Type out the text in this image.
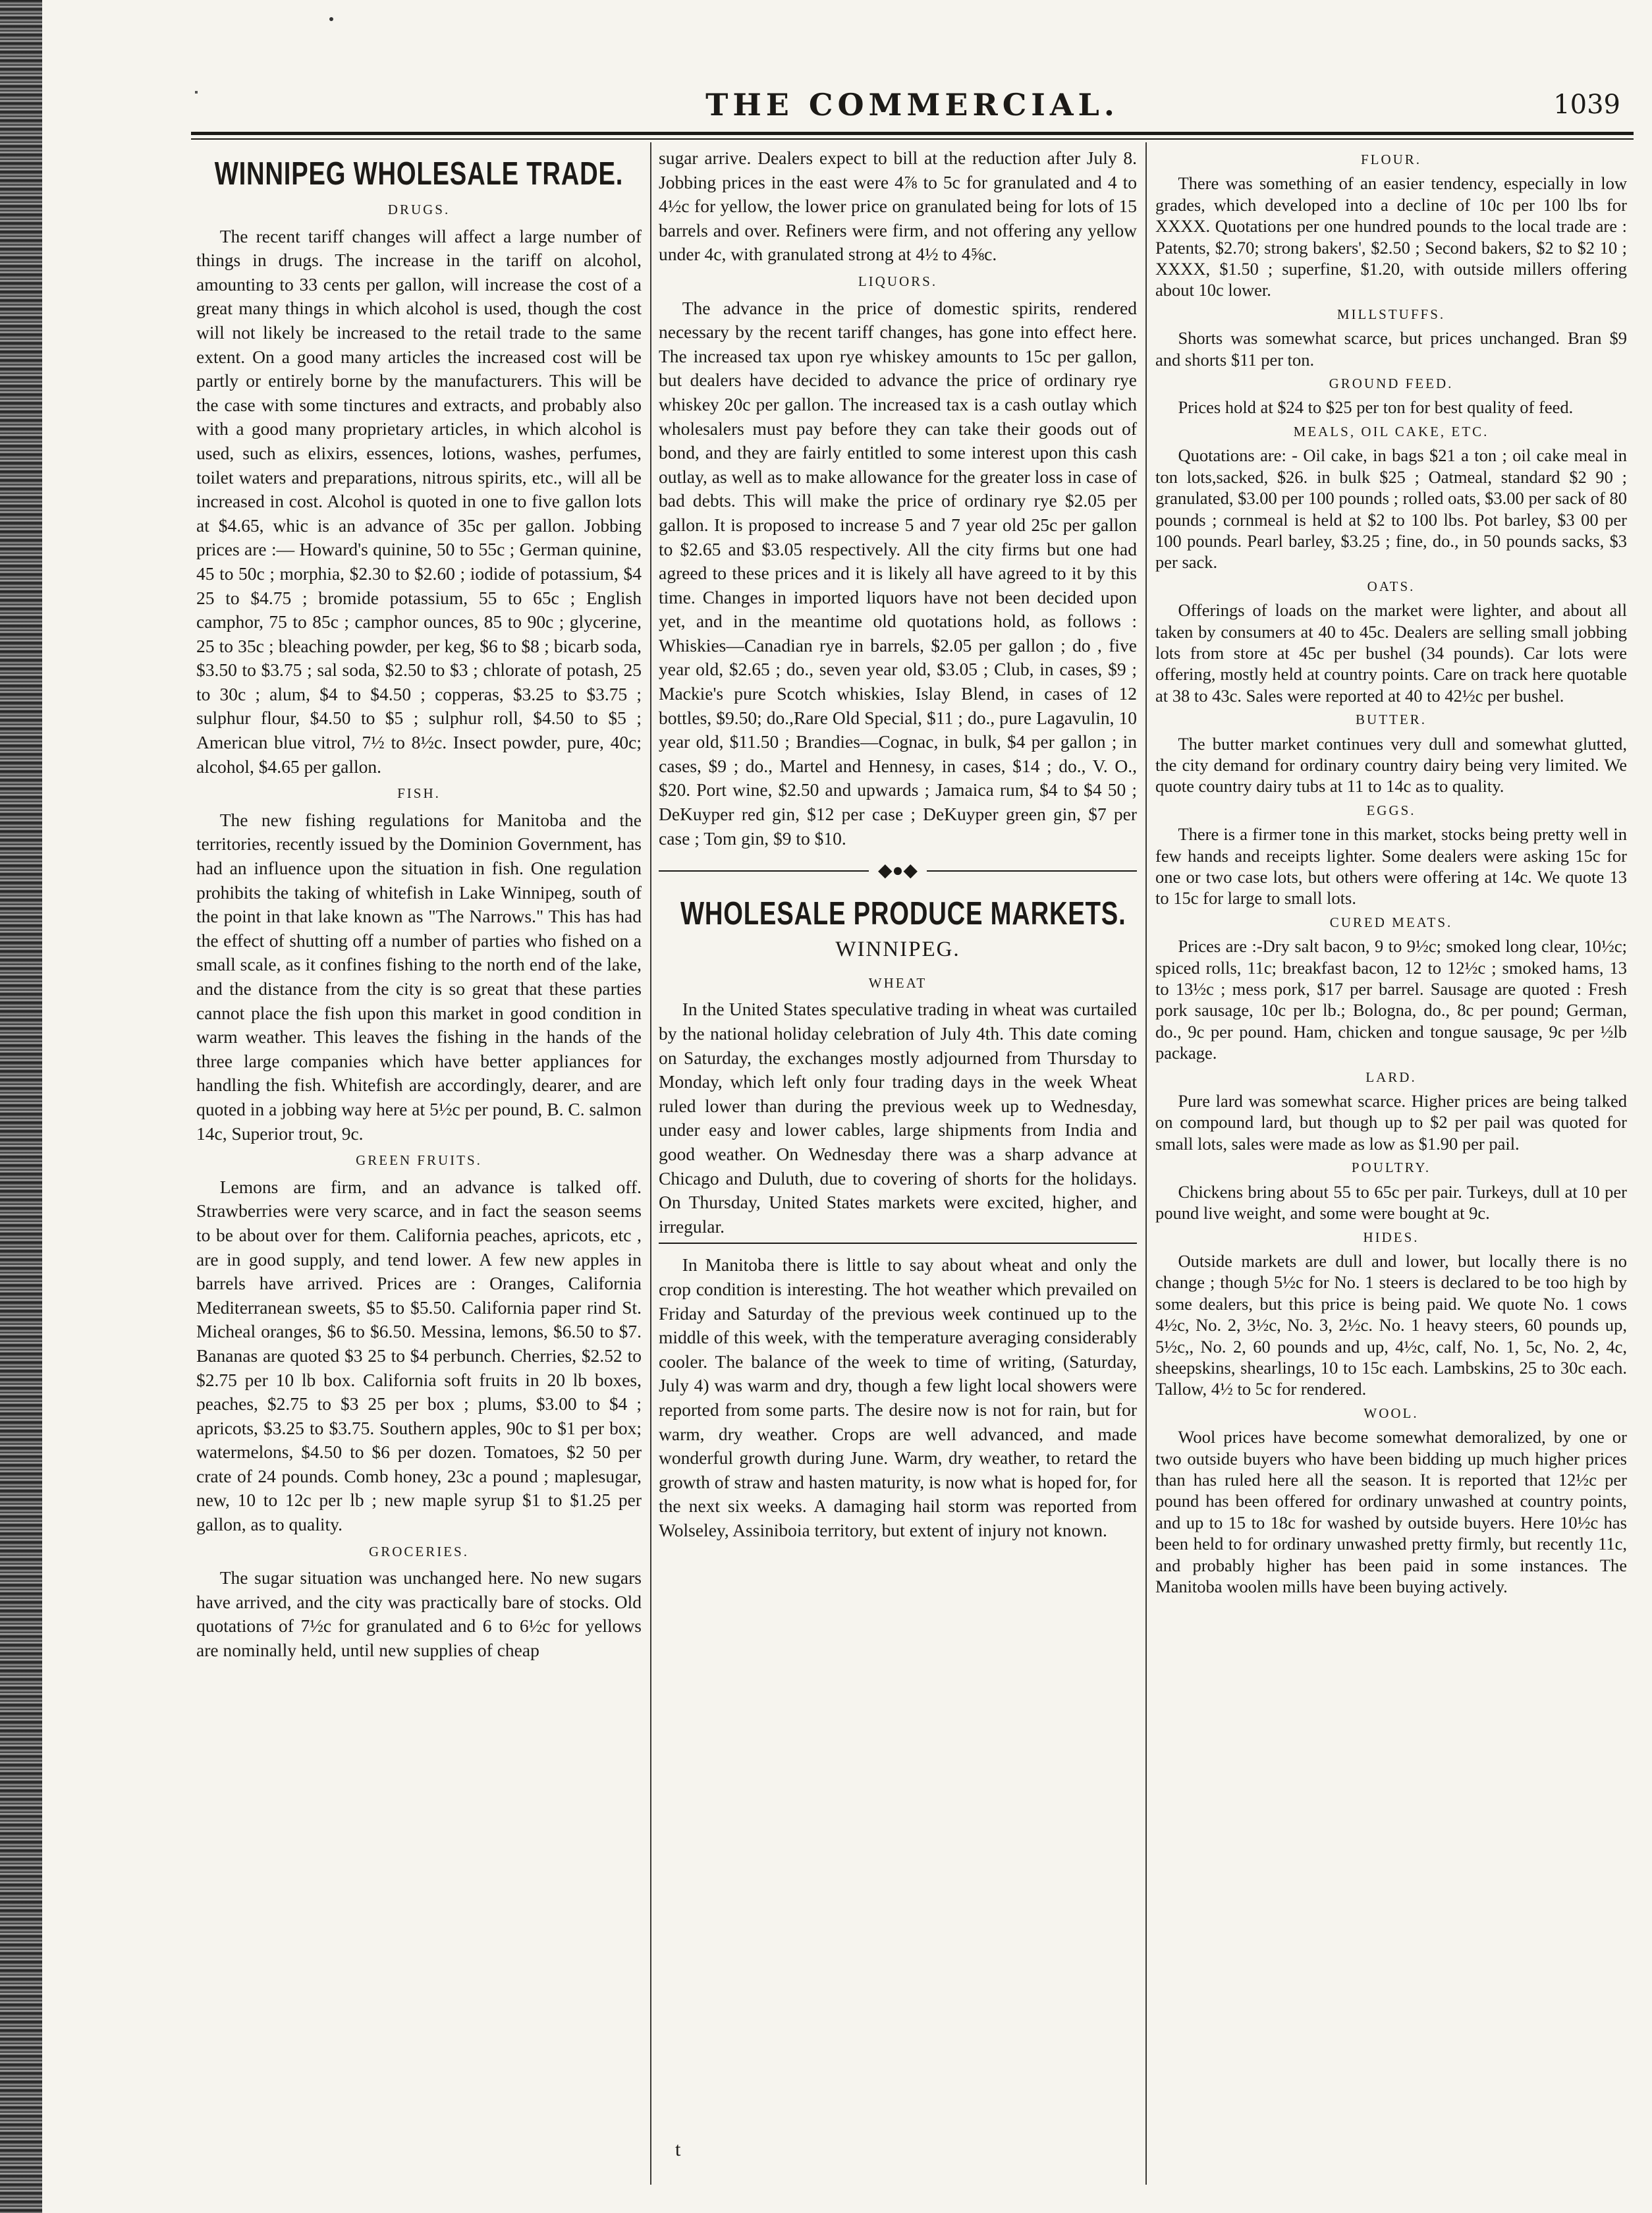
THE COMMERCIAL.	1039
WINNIPEG WHOLESALE TRADE.
DRUGS.

The recent tariff changes will affect a large number of things in drugs. The increase in the tariff on alcohol, amounting to 33 cents per gallon, will increase the cost of a great many things in which alcohol is used, though the cost will not likely be increased to the retail trade to the same extent. On a good many articles the increased cost will be partly or entirely borne by the manufacturers. This will be the case with some tinctures and extracts, and probably also with a good many proprietary articles, in which alcohol is used, such as elixirs, essences, lotions, washes, perfumes, toilet waters and preparations, nitrous spirits, etc., will all be increased in cost. Alcohol is quoted in one to five gallon lots at $4.65, whic is an advance of 35c per gallon. Jobbing prices are :— Howard's quinine, 50 to 55c ; German quinine, 45 to 50c ; morphia, $2.30 to $2.60 ; iodide of potassium, $4 25 to $4.75 ; bromide potassium, 55 to 65c ; English camphor, 75 to 85c ; camphor ounces, 85 to 90c ; glycerine, 25 to 35c ; bleaching powder, per keg, $6 to $8 ; bicarb soda, $3.50 to $3.75 ; sal soda, $2.50 to $3 ; chlorate of potash, 25 to 30c ; alum, $4 to $4.50 ; copperas, $3.25 to $3.75 ; sulphur flour, $4.50 to $5 ; sulphur roll, $4.50 to $5 ; American blue vitrol, 7½ to 8½c. Insect powder, pure, 40c; alcohol, $4.65 per gallon.

FISH.

The new fishing regulations for Manitoba and the territories, recently issued by the Dominion Government, has had an influence upon the situation in fish. One regulation prohibits the taking of whitefish in Lake Winnipeg, south of the point in that lake known as "The Narrows." This has had the effect of shutting off a number of parties who fished on a small scale, as it confines fishing to the north end of the lake, and the distance from the city is so great that these parties cannot place the fish upon this market in good condition in warm weather. This leaves the fishing in the hands of the three large companies which have better appliances for handling the fish. Whitefish are accordingly, dearer, and are quoted in a jobbing way here at 5½c per pound, B. C. salmon 14c, Superior trout, 9c.

GREEN FRUITS.

Lemons are firm, and an advance is talked off. Strawberries were very scarce, and in fact the season seems to be about over for them. California peaches, apricots, etc , are in good supply, and tend lower. A few new apples in barrels have arrived. Prices are : Oranges, California Mediterranean sweets, $5 to $5.50. California paper rind St. Micheal oranges, $6 to $6.50. Messina, lemons, $6.50 to $7. Bananas are quoted $3 25 to $4 perbunch. Cherries, $2.52 to $2.75 per 10 lb box. California soft fruits in 20 lb boxes, peaches, $2.75 to $3 25 per box ; plums, $3.00 to $4 ; apricots, $3.25 to $3.75. Southern apples, 90c to $1 per box; watermelons, $4.50 to $6 per dozen. Tomatoes, $2 50 per crate of 24 pounds. Comb honey, 23c a pound ; maplesugar, new, 10 to 12c per lb ; new maple syrup $1 to $1.25 per gallon, as to quality.

GROCERIES.

The sugar situation was unchanged here. No new sugars have arrived, and the city was practically bare of stocks. Old quotations of 7½c for granulated and 6 to 6½c for yellows are nominally held, until new supplies of cheap

sugar arrive. Dealers expect to bill at the reduction after July 8. Jobbing prices in the east were 4⅞ to 5c for granulated and 4 to 4½c for yellow, the lower price on granulated being for lots of 15 barrels and over. Refiners were firm, and not offering any yellow under 4c, with granulated strong at 4½ to 4⅝c.

LIQUORS.

The advance in the price of domestic spirits, rendered necessary by the recent tariff changes, has gone into effect here. The increased tax upon rye whiskey amounts to 15c per gallon, but dealers have decided to advance the price of ordinary rye whiskey 20c per gallon. The increased tax is a cash outlay which wholesalers must pay before they can take their goods out of bond, and they are fairly entitled to some interest upon this cash outlay, as well as to make allowance for the greater loss in case of bad debts. This will make the price of ordinary rye $2.05 per gallon. It is proposed to increase 5 and 7 year old 25c per gallon to $2.65 and $3.05 respectively. All the city firms but one had agreed to these prices and it is likely all have agreed to it by this time. Changes in imported liquors have not been decided upon yet, and in the meantime old quotations hold, as follows : Whiskies—Canadian rye in barrels, $2.05 per gallon ; do , five year old, $2.65 ; do., seven year old, $3.05 ; Club, in cases, $9 ; Mackie's pure Scotch whiskies, Islay Blend, in cases of 12 bottles, $9.50; do.,Rare Old Special, $11 ; do., pure Lagavulin, 10 year old, $11.50 ; Brandies—Cognac, in bulk, $4 per gallon ; in cases, $9 ; do., Martel and Hennesy, in cases, $14 ; do., V. O., $20. Port wine, $2.50 and upwards ; Jamaica rum, $4 to $4 50 ; DeKuyper red gin, $12 per case ; DeKuyper green gin, $7 per case ; Tom gin, $9 to $10.

◆●◆
WHOLESALE PRODUCE MARKETS.
WINNIPEG.
WHEAT

In the United States speculative trading in wheat was curtailed by the national holiday celebration of July 4th. This date coming on Saturday, the exchanges mostly adjourned from Thursday to Monday, which left only four trading days in the week Wheat ruled lower than during the previous week up to Wednesday, under easy and lower cables, large shipments from India and good weather. On Wednesday there was a sharp advance at Chicago and Duluth, due to covering of shorts for the holidays. On Thursday, United States markets were excited, higher, and irregular.

In Manitoba there is little to say about wheat and only the crop condition is interesting. The hot weather which prevailed on Friday and Saturday of the previous week continued up to the middle of this week, with the temperature averaging considerably cooler. The balance of the week to time of writing, (Saturday, July 4) was warm and dry, though a few light local showers were reported from some parts. The desire now is not for rain, but for warm, dry weather. Crops are well advanced, and made wonderful growth during June. Warm, dry weather, to retard the growth of straw and hasten maturity, is now what is hoped for, for the next six weeks. A damaging hail storm was reported from Wolseley, Assiniboia territory, but extent of injury not known.

FLOUR.

There was something of an easier tendency, especially in low grades, which developed into a decline of 10c per 100 lbs for XXXX. Quotations per one hundred pounds to the local trade are : Patents, $2.70; strong bakers', $2.50 ; Second bakers, $2 to $2 10 ; XXXX, $1.50 ; superfine, $1.20, with outside millers offering about 10c lower.

MILLSTUFFS.

Shorts was somewhat scarce, but prices unchanged. Bran $9 and shorts $11 per ton.

GROUND FEED.

Prices hold at $24 to $25 per ton for best quality of feed.

MEALS, OIL CAKE, ETC.

Quotations are: - Oil cake, in bags $21 a ton ; oil cake meal in ton lots,sacked, $26. in bulk $25 ; Oatmeal, standard $2 90 ; granulated, $3.00 per 100 pounds ; rolled oats, $3.00 per sack of 80 pounds ; cornmeal is held at $2 to 100 lbs. Pot barley, $3 00 per 100 pounds. Pearl barley, $3.25 ; fine, do., in 50 pounds sacks, $3 per sack.

OATS.

Offerings of loads on the market were lighter, and about all taken by consumers at 40 to 45c. Dealers are selling small jobbing lots from store at 45c per bushel (34 pounds). Car lots were offering, mostly held at country points. Care on track here quotable at 38 to 43c. Sales were reported at 40 to 42½c per bushel.

BUTTER.

The butter market continues very dull and somewhat glutted, the city demand for ordinary country dairy being very limited. We quote country dairy tubs at 11 to 14c as to quality.

EGGS.

There is a firmer tone in this market, stocks being pretty well in few hands and receipts lighter. Some dealers were asking 15c for one or two case lots, but others were offering at 14c. We quote 13 to 15c for large to small lots.

CURED MEATS.

Prices are :-Dry salt bacon, 9 to 9½c; smoked long clear, 10½c; spiced rolls, 11c; breakfast bacon, 12 to 12½c ; smoked hams, 13 to 13½c ; mess pork, $17 per barrel. Sausage are quoted : Fresh pork sausage, 10c per lb.; Bologna, do., 8c per pound; German, do., 9c per pound. Ham, chicken and tongue sausage, 9c per ½lb package.

LARD.

Pure lard was somewhat scarce. Higher prices are being talked on compound lard, but though up to $2 per pail was quoted for small lots, sales were made as low as $1.90 per pail.

POULTRY.

Chickens bring about 55 to 65c per pair. Turkeys, dull at 10 per pound live weight, and some were bought at 9c.

HIDES.

Outside markets are dull and lower, but locally there is no change ; though 5½c for No. 1 steers is declared to be too high by some dealers, but this price is being paid. We quote No. 1 cows 4½c, No. 2, 3½c, No. 3, 2½c. No. 1 heavy steers, 60 pounds up, 5½c,, No. 2, 60 pounds and up, 4½c, calf, No. 1, 5c, No. 2, 4c, sheepskins, shearlings, 10 to 15c each. Lambskins, 25 to 30c each. Tallow, 4½ to 5c for rendered.

WOOL.

Wool prices have become somewhat demoralized, by one or two outside buyers who have been bidding up much higher prices than has ruled here all the season. It is reported that 12½c per pound has been offered for ordinary unwashed at country points, and up to 15 to 18c for washed by outside buyers. Here 10½c has been held to for ordinary unwashed pretty firmly, but recently 11c, and probably higher has been paid in some instances. The Manitoba woolen mills have been buying actively.

t
